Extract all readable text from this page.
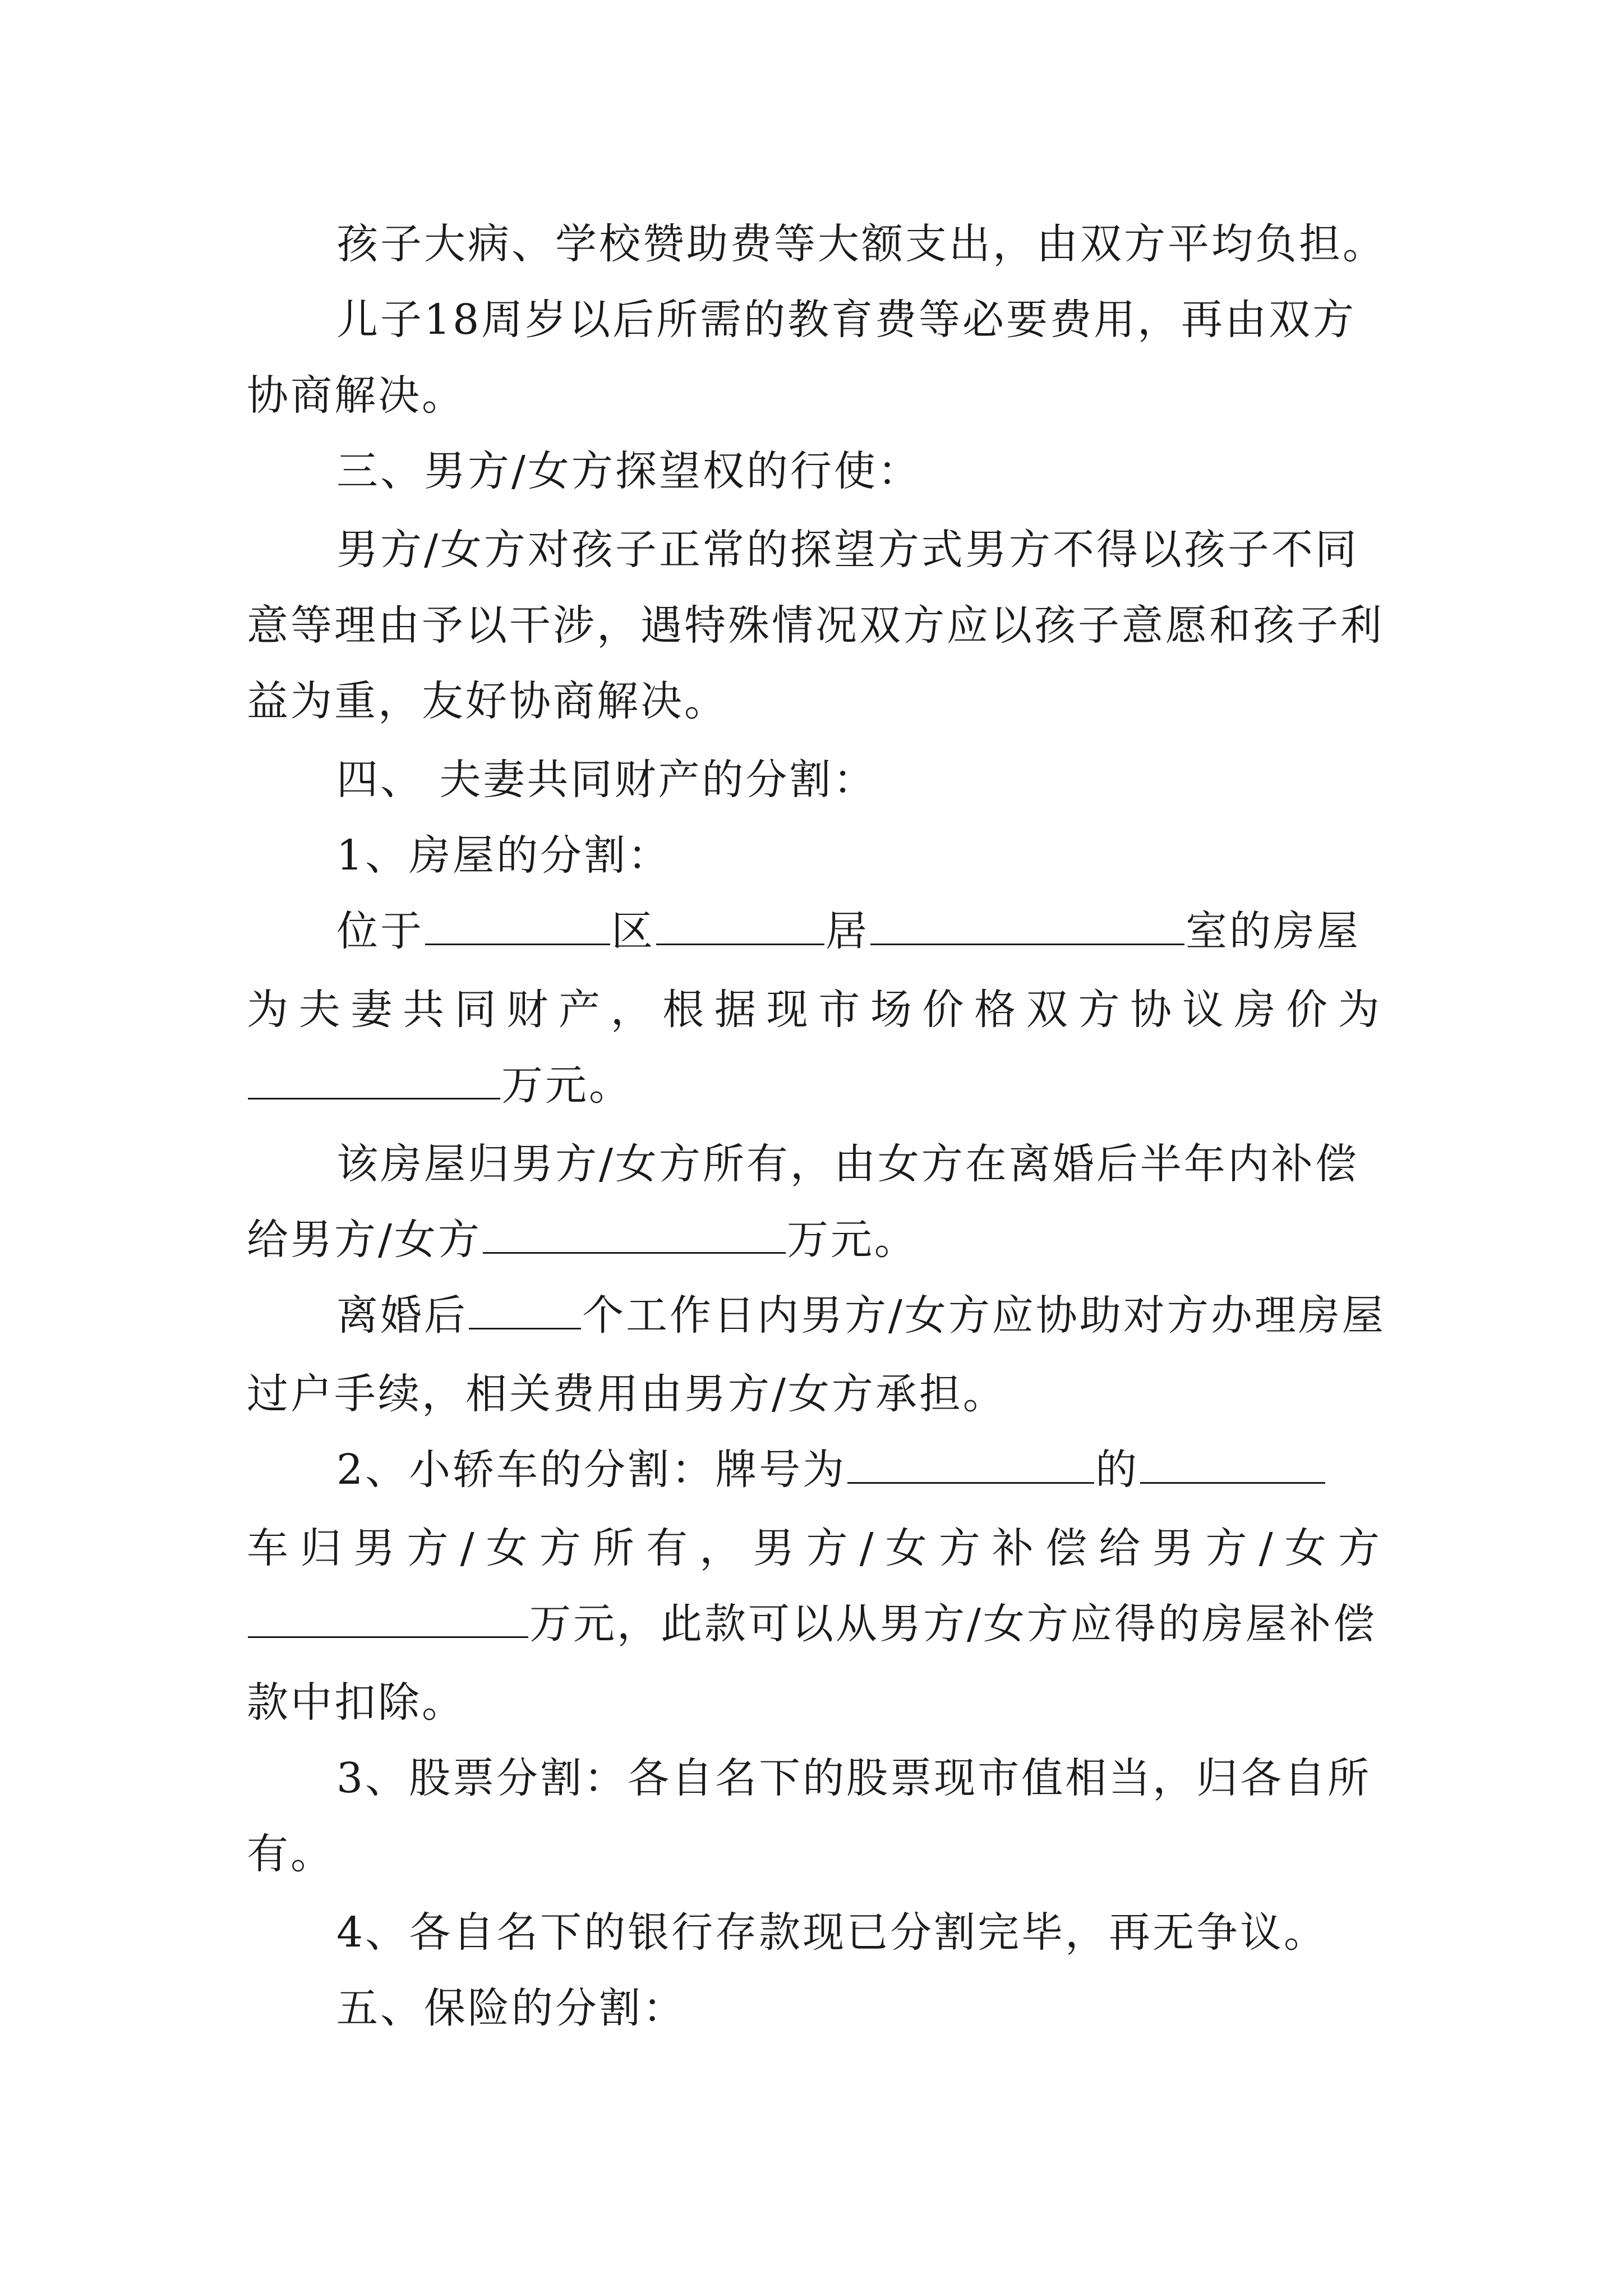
孩子大病、学校赞助费等大额支出，由双方平均负担。
儿子18周岁以后所需的教育费等必要费用，再由双方
协商解决。
三、男方/女方探望权的行使：
男方/女方对孩子正常的探望方式男方不得以孩子不同
意等理由予以干涉，遇特殊情况双方应以孩子意愿和孩子利
益为重，友好协商解决。
四、 夫妻共同财产的分割：
1、房屋的分割：
位于	区	居	室的房屋
为 夫 妻 共 同 财 产 ， 根 据 现 市 场 价 格 双 方 协 议 房 价 为
万元。
该房屋归男方/女方所有，由女方在离婚后半年内补偿
给男方/女方	万元。
离婚后	个工作日内男方/女方应协助对方办理房屋
过户手续，相关费用由男方/女方承担。
2、小轿车的分割：牌号为	的
车 归 男 方 / 女 方 所 有 ， 男 方 / 女 方 补 偿 给 男 方 / 女 方
万元，此款可以从男方/女方应得的房屋补偿
款中扣除。
3、股票分割：各自名下的股票现市值相当，归各自所
有。
4、各自名下的银行存款现已分割完毕，再无争议。
五、保险的分割：
